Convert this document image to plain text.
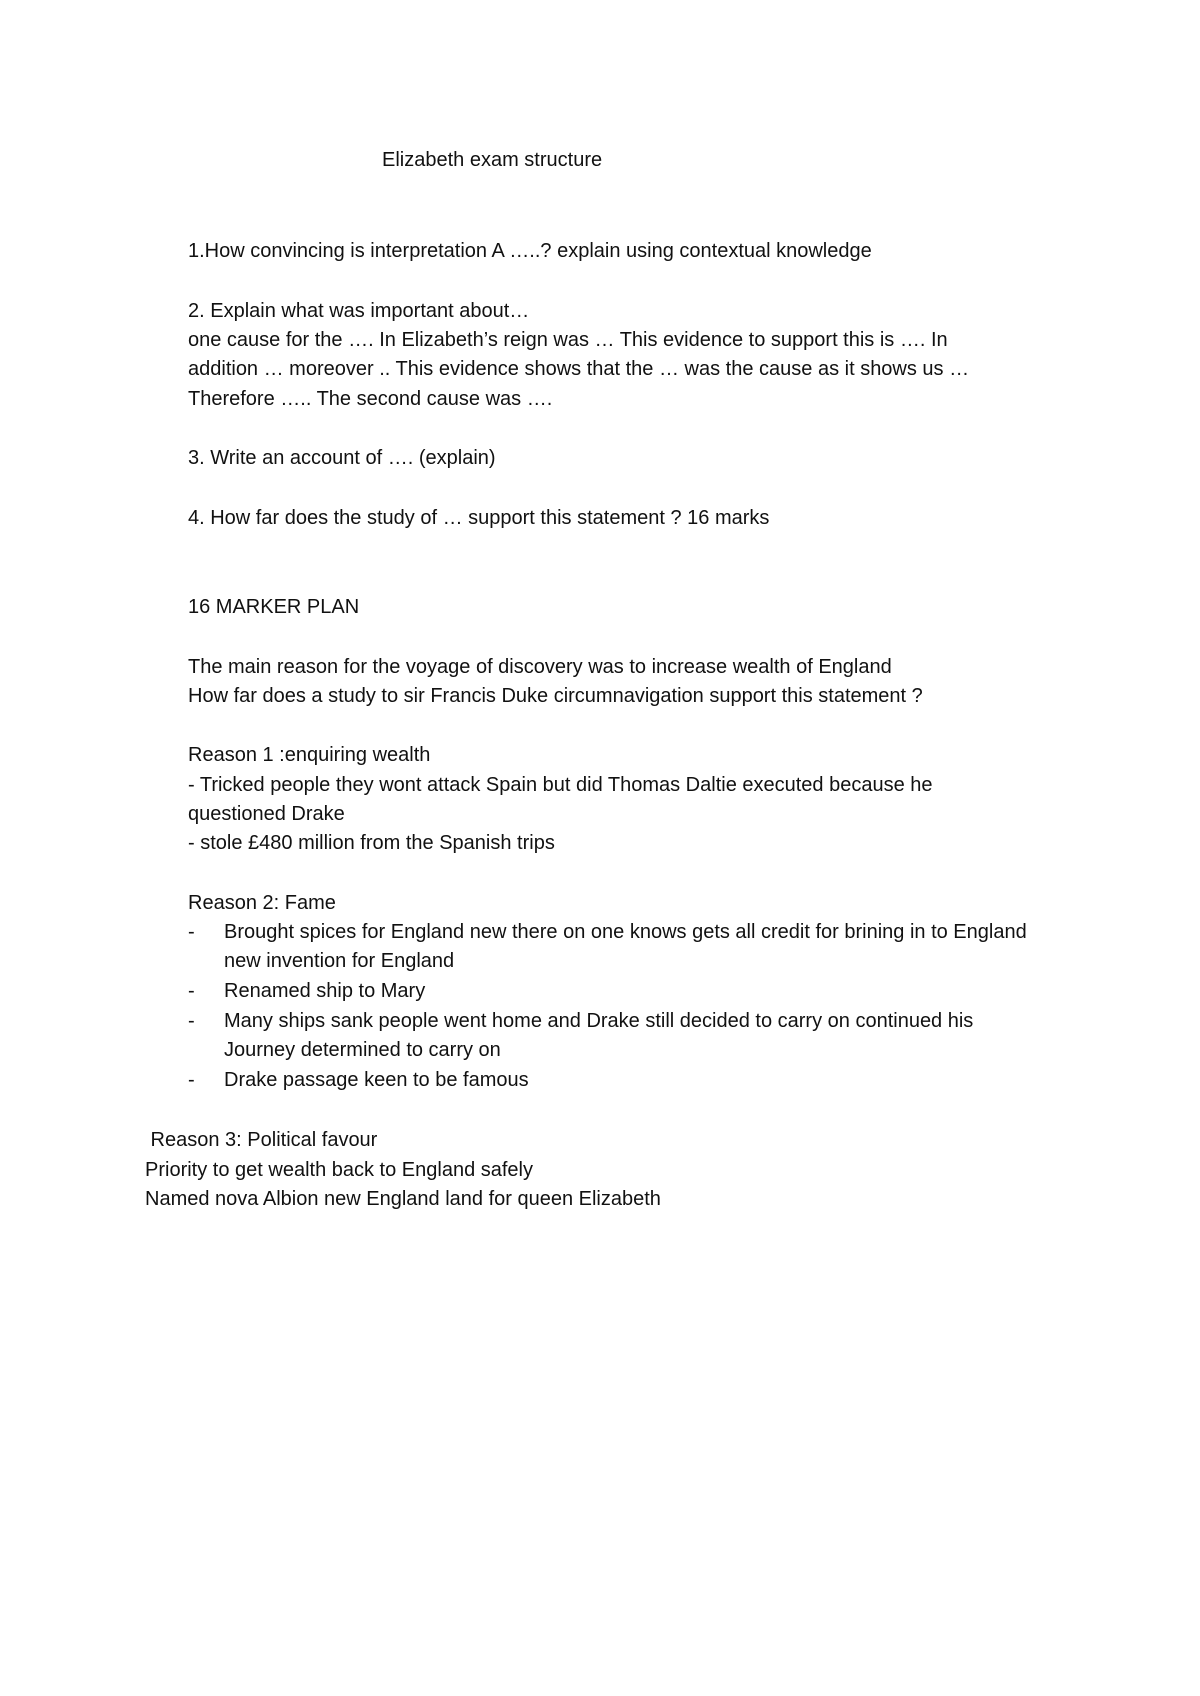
Elizabeth exam structure

1.How convincing is interpretation A …..? explain using contextual knowledge

2. Explain what was important about…

one cause for the …. In Elizabeth’s reign was … This evidence to support this is …. In

addition … moreover .. This evidence shows that the … was the cause as it shows us …

Therefore ….. The second cause was ….

3. Write an account of …. (explain)

4. How far does the study of … support this statement ? 16 marks

16 MARKER PLAN

The main reason for the voyage of discovery was to increase wealth of England

How far does a study to sir Francis Duke circumnavigation support this statement ?

Reason 1 :enquiring wealth

- Tricked people they wont attack Spain but did Thomas Daltie executed because he

questioned Drake

- stole £480 million from the Spanish trips

Reason 2: Fame

- Brought spices for England new there on one knows gets all credit for brining in to England new invention for England
- Renamed ship to Mary
- Many ships sank people went home and Drake still decided to carry on continued his Journey determined to carry on
- Drake passage keen to be famous

Reason 3: Political favour

Priority to get wealth back to England safely

Named nova Albion new England land for queen Elizabeth
